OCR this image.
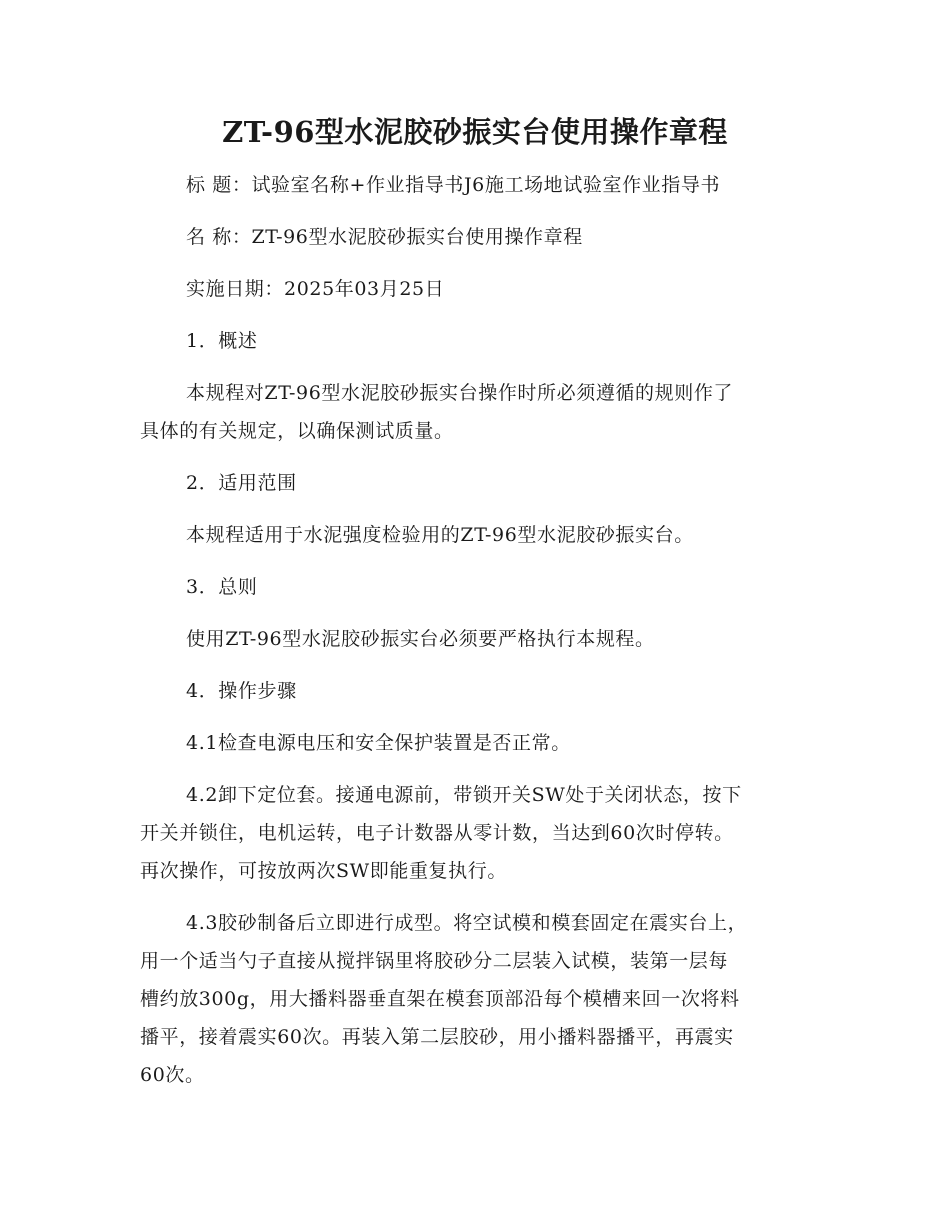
ZT-96型水泥胶砂振实台使用操作章程

标 题：试验室名称+作业指导书J6施工场地试验室作业指导书

名 称：ZT-96型水泥胶砂振实台使用操作章程

实施日期：2025年03月25日

1．概述

本规程对ZT-96型水泥胶砂振实台操作时所必须遵循的规则作了
具体的有关规定，以确保测试质量。

2．适用范围

本规程适用于水泥强度检验用的ZT-96型水泥胶砂振实台。

3．总则

使用ZT-96型水泥胶砂振实台必须要严格执行本规程。

4．操作步骤

4.1检查电源电压和安全保护装置是否正常。

4.2卸下定位套。接通电源前，带锁开关SW处于关闭状态，按下
开关并锁住，电机运转，电子计数器从零计数，当达到60次时停转。
再次操作，可按放两次SW即能重复执行。
4.3胶砂制备后立即进行成型。将空试模和模套固定在震实台上，
用一个适当勺子直接从搅拌锅里将胶砂分二层装入试模，装第一层每
槽约放300g，用大播料器垂直架在模套顶部沿每个模槽来回一次将料
播平，接着震实60次。再装入第二层胶砂，用小播料器播平，再震实
60次。
